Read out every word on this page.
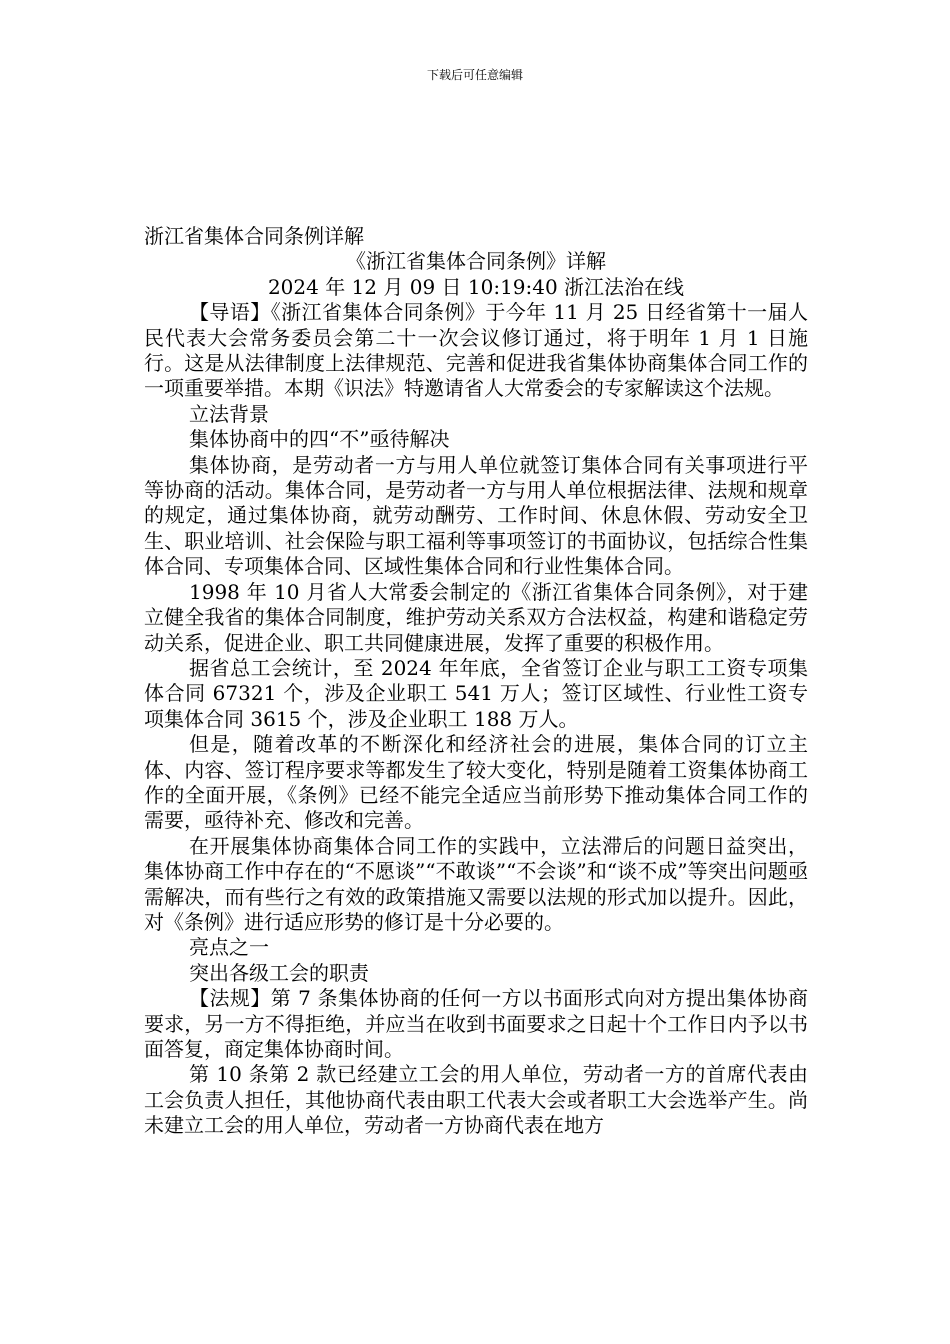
下载后可任意编辑

浙江省集体合同条例详解

《浙江省集体合同条例》详解

2024 年 12 月 09 日 10:19:40 浙江法治在线

【导语】《浙江省集体合同条例》于今年 11 月 25 日经省第十一届人民代表大会常务委员会第二十一次会议修订通过，将于明年 1 月 1 日施行。这是从法律制度上法律规范、完善和促进我省集体协商集体合同工作的一项重要举措。本期《识法》特邀请省人大常委会的专家解读这个法规。

立法背景

集体协商中的四“不”亟待解决

集体协商，是劳动者一方与用人单位就签订集体合同有关事项进行平等协商的活动。集体合同，是劳动者一方与用人单位根据法律、法规和规章的规定，通过集体协商，就劳动酬劳、工作时间、休息休假、劳动安全卫生、职业培训、社会保险与职工福利等事项签订的书面协议，包括综合性集体合同、专项集体合同、区域性集体合同和行业性集体合同。

1998 年 10 月省人大常委会制定的《浙江省集体合同条例》，对于建立健全我省的集体合同制度，维护劳动关系双方合法权益，构建和谐稳定劳动关系，促进企业、职工共同健康进展，发挥了重要的积极作用。

据省总工会统计，至 2024 年年底，全省签订企业与职工工资专项集体合同 67321 个，涉及企业职工 541 万人；签订区域性、行业性工资专项集体合同 3615 个，涉及企业职工 188 万人。

但是，随着改革的不断深化和经济社会的进展，集体合同的订立主体、内容、签订程序要求等都发生了较大变化，特别是随着工资集体协商工作的全面开展，《条例》已经不能完全适应当前形势下推动集体合同工作的需要，亟待补充、修改和完善。

在开展集体协商集体合同工作的实践中，立法滞后的问题日益突出，集体协商工作中存在的“不愿谈”“不敢谈”“不会谈”和“谈不成”等突出问题亟需解决，而有些行之有效的政策措施又需要以法规的形式加以提升。因此，对《条例》进行适应形势的修订是十分必要的。

亮点之一

突出各级工会的职责

【法规】第 7 条集体协商的任何一方以书面形式向对方提出集体协商要求，另一方不得拒绝，并应当在收到书面要求之日起十个工作日内予以书面答复，商定集体协商时间。

第 10 条第 2 款已经建立工会的用人单位，劳动者一方的首席代表由工会负责人担任，其他协商代表由职工代表大会或者职工大会选举产生。尚未建立工会的用人单位，劳动者一方协商代表在地方
